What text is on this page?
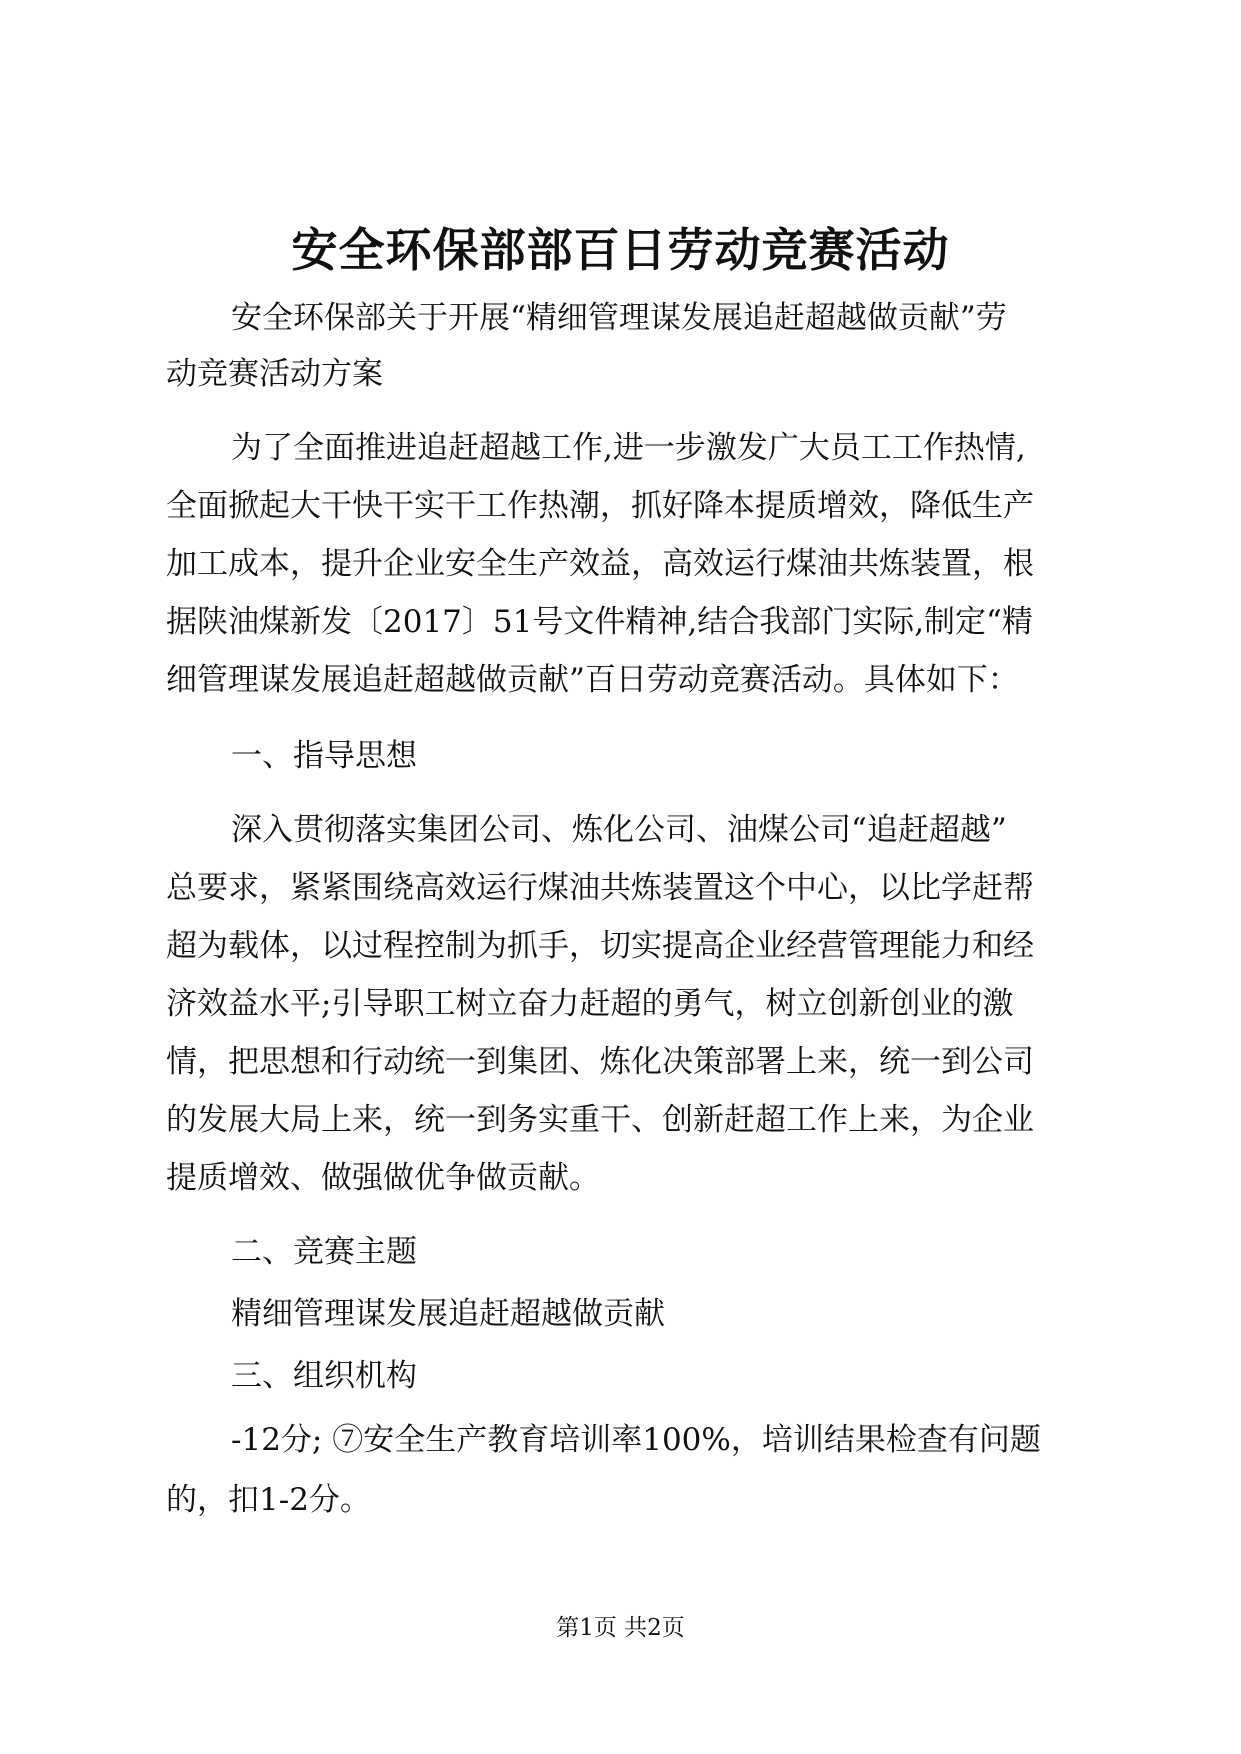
安全环保部部百日劳动竞赛活动

安全环保部关于开展“精细管理谋发展追赶超越做贡献”劳

动竞赛活动方案

为了全面推进追赶超越工作,进一步激发广大员工工作热情,

全面掀起大干快干实干工作热潮，抓好降本提质增效，降低生产

加工成本，提升企业安全生产效益，高效运行煤油共炼装置，根

据陕油煤新发〔2017〕51号文件精神,结合我部门实际,制定“精

细管理谋发展追赶超越做贡献”百日劳动竞赛活动。具体如下：

一、指导思想

深入贯彻落实集团公司、炼化公司、油煤公司“追赶超越”

总要求，紧紧围绕高效运行煤油共炼装置这个中心，以比学赶帮

超为载体，以过程控制为抓手，切实提高企业经营管理能力和经

济效益水平;引导职工树立奋力赶超的勇气，树立创新创业的激

情，把思想和行动统一到集团、炼化决策部署上来，统一到公司

的发展大局上来，统一到务实重干、创新赶超工作上来，为企业

提质增效、做强做优争做贡献。

二、竞赛主题

精细管理谋发展追赶超越做贡献

三、组织机构

-12分; ⑦安全生产教育培训率100%，培训结果检查有问题

的，扣1-2分。

第1页 共2页
